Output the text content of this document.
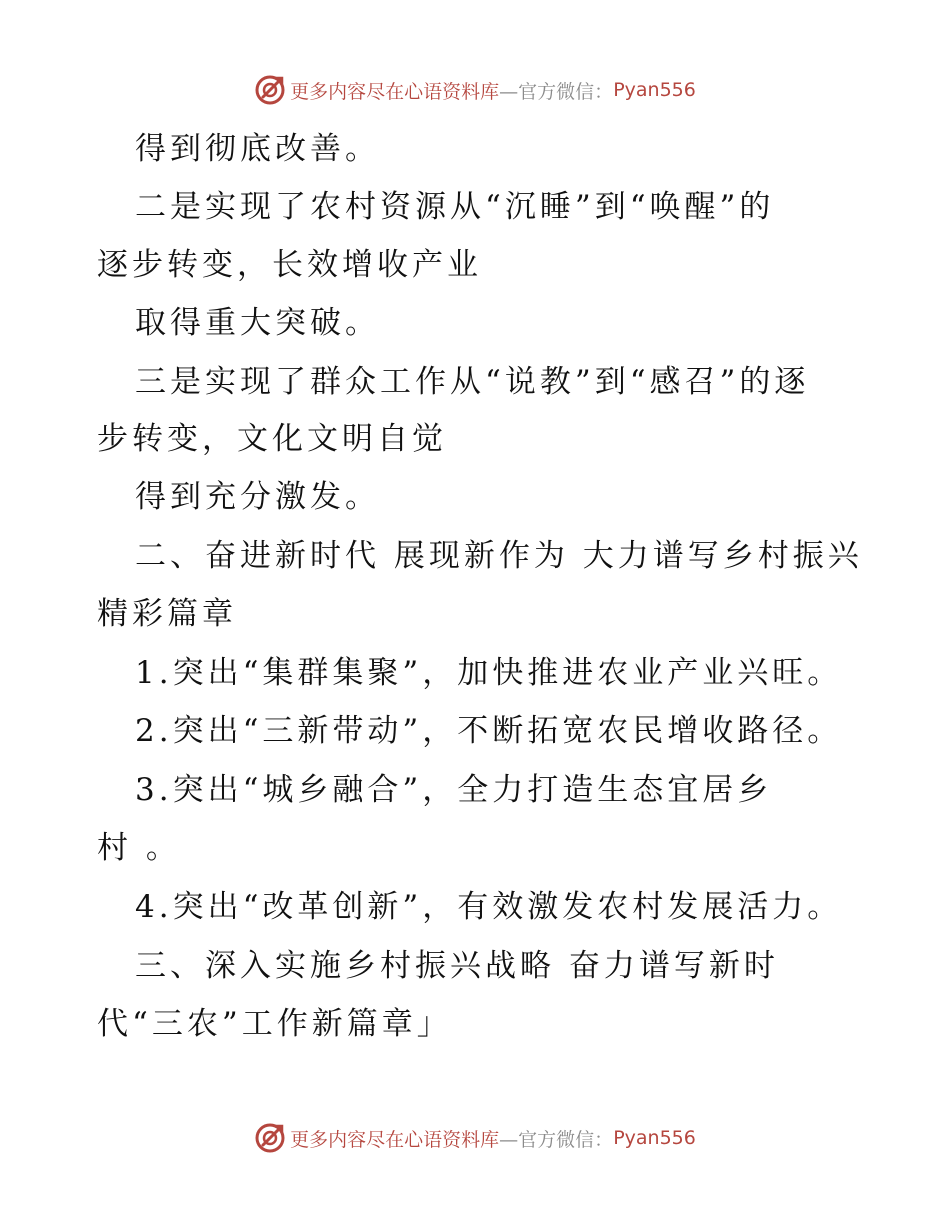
更多内容尽在心语资料库 —官方微信： Pyan556
得到彻底改善。
二是实现了农村资源从“沉睡”到“唤醒”的
逐步转变，长效增收产业
取得重大突破。
三是实现了群众工作从“说教”到“感召”的逐
步转变，文化文明自觉
得到充分激发。
二、奋进新时代 展现新作为 大力谱写乡村振兴
精彩篇章
1.突出“集群集聚”，加快推进农业产业兴旺。
2.突出“三新带动”，不断拓宽农民增收路径。
3.突出“城乡融合”，全力打造生态宜居乡
村 。
4.突出“改革创新”，有效激发农村发展活力。
三、深入实施乡村振兴战略 奋力谱写新时
代“三农”工作新篇章」
更多内容尽在心语资料库 —官方微信： Pyan556
